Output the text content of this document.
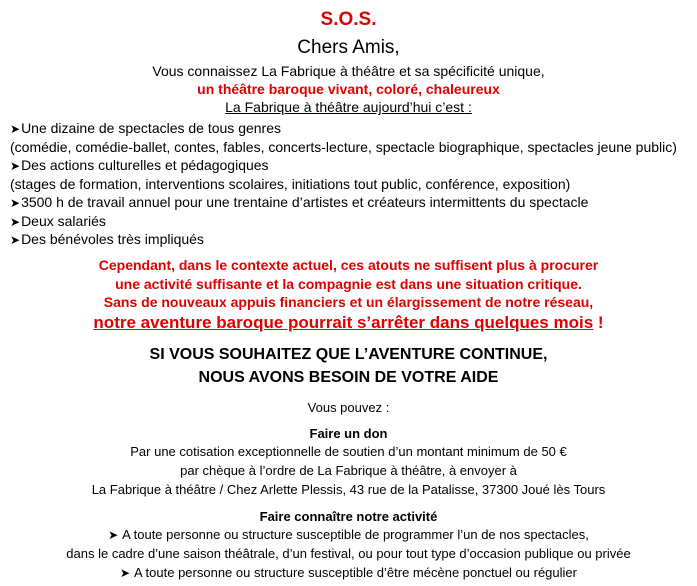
S.O.S.
Chers Amis,
Vous connaissez La Fabrique à théâtre et sa spécificité unique,
un théâtre baroque vivant, coloré, chaleureux
La Fabrique à théâtre aujourd’hui c’est :
➤Une dizaine de spectacles de tous genres
(comédie, comédie-ballet, contes, fables, concerts-lecture, spectacle biographique, spectacles jeune public)
➤Des actions culturelles et pédagogiques
(stages de formation, interventions scolaires, initiations tout public, conférence, exposition)
➤3500 h de travail annuel pour une trentaine d’artistes et créateurs intermittents du spectacle
➤Deux salariés
➤Des bénévoles très impliqués
Cependant, dans le contexte actuel, ces atouts ne suffisent plus à procurer
une activité suffisante et la compagnie est dans une situation critique.
Sans de nouveaux appuis financiers et un élargissement de notre réseau,
notre aventure baroque pourrait s’arrêter dans quelques mois !
SI VOUS SOUHAITEZ QUE L’AVENTURE CONTINUE,
NOUS AVONS BESOIN DE VOTRE AIDE
Vous pouvez :
Faire un don
Par une cotisation exceptionnelle de soutien d’un montant minimum de 50 €
par chèque à l’ordre de La Fabrique à théâtre, à envoyer à
La Fabrique à théâtre / Chez Arlette Plessis, 43 rue de la Patalisse, 37300 Joué lès Tours
Faire connaître notre activité
➤ A toute personne ou structure susceptible de programmer l’un de nos spectacles,
dans le cadre d’une saison théâtrale, d’un festival, ou pour tout type d’occasion publique ou privée
➤ A toute personne ou structure susceptible d’être mécène ponctuel ou régulier
